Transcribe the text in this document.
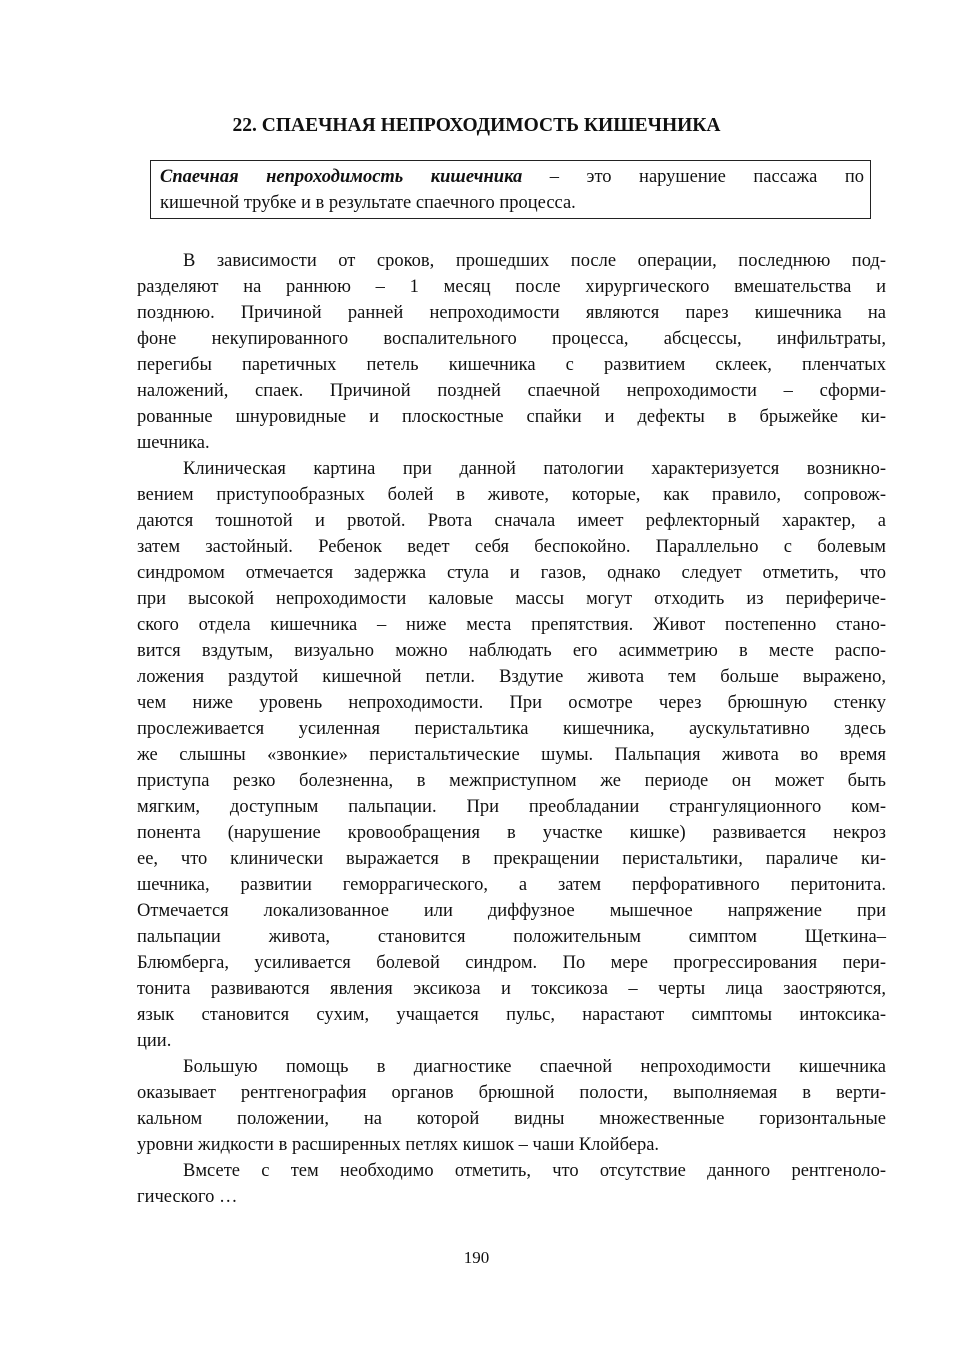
22. СПАЕЧНАЯ НЕПРОХОДИМОСТЬ КИШЕЧНИКА
Спаечная непроходимость кишечника – это нарушение пассажа по
кишечной трубке и в результате спаечного процесса.
В зависимости от сроков, прошедших после операции, последнюю под-
разделяют на раннюю – 1 месяц после хирургического вмешательства и
позднюю. Причиной ранней непроходимости являются парез кишечника на
фоне некупированного воспалительного процесса, абсцессы, инфильтраты,
перегибы паретичных петель кишечника с развитием склеек, пленчатых
наложений, спаек. Причиной поздней спаечной непроходимости – сформи-
рованные шнуровидные и плоскостные спайки и дефекты в брыжейке ки-
шечника.
Клиническая картина при данной патологии характеризуется возникно-
вением приступообразных болей в животе, которые, как правило, сопровож-
даются тошнотой и рвотой. Рвота сначала имеет рефлекторный характер, а
затем застойный. Ребенок ведет себя беспокойно. Параллельно с болевым
синдромом отмечается задержка стула и газов, однако следует отметить, что
при высокой непроходимости каловые массы могут отходить из перифериче-
ского отдела кишечника – ниже места препятствия. Живот постепенно стано-
вится вздутым, визуально можно наблюдать его асимметрию в месте распо-
ложения раздутой кишечной петли. Вздутие живота тем больше выражено,
чем ниже уровень непроходимости. При осмотре через брюшную стенку
прослеживается усиленная перистальтика кишечника, аускультативно здесь
же слышны «звонкие» перистальтические шумы. Пальпация живота во время
приступа резко болезненна, в межприступном же периоде он может быть
мягким, доступным пальпации. При преобладании странгуляционного ком-
понента (нарушение кровообращения в участке кишке) развивается некроз
ее, что клинически выражается в прекращении перистальтики, параличе ки-
шечника, развитии геморрагического, а затем перфоративного перитонита.
Отмечается локализованное или диффузное мышечное напряжение при
пальпации живота, становится положительным симптом Щеткина–
Блюмберга, усиливается болевой синдром. По мере прогрессирования пери-
тонита развиваются явления эксикоза и токсикоза – черты лица заостряются,
язык становится сухим, учащается пульс, нарастают симптомы интоксика-
ции.
Большую помощь в диагностике спаечной непроходимости кишечника
оказывает рентгенография органов брюшной полости, выполняемая в верти-
кальном положении, на которой видны множественные горизонтальные
уровни жидкости в расширенных петлях кишок – чаши Клойбера.
Вмсете с тем необходимо отметить, что отсутствие данного рентгеноло-
гического …
190
